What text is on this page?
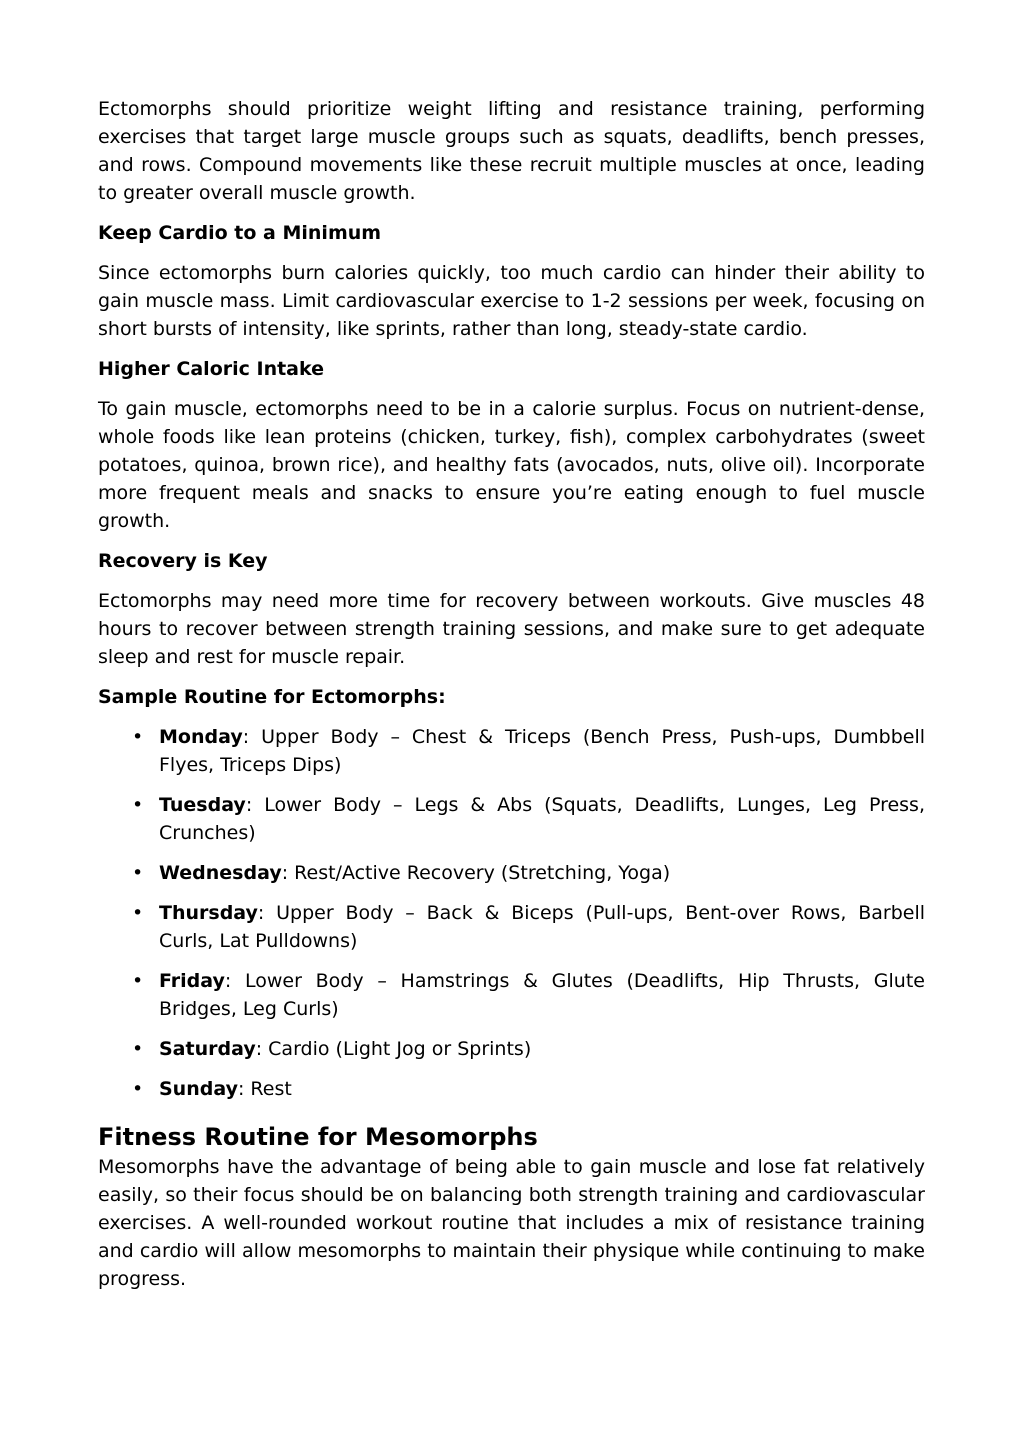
Ectomorphs should prioritize weight lifting and resistance training, performing exercises that target large muscle groups such as squats, deadlifts, bench presses, and rows. Compound movements like these recruit multiple muscles at once, leading to greater overall muscle growth.

Keep Cardio to a Minimum

Since ectomorphs burn calories quickly, too much cardio can hinder their ability to gain muscle mass. Limit cardiovascular exercise to 1-2 sessions per week, focusing on short bursts of intensity, like sprints, rather than long, steady-state cardio.

Higher Caloric Intake

To gain muscle, ectomorphs need to be in a calorie surplus. Focus on nutrient-dense, whole foods like lean proteins (chicken, turkey, fish), complex carbohydrates (sweet potatoes, quinoa, brown rice), and healthy fats (avocados, nuts, olive oil). Incorporate more frequent meals and snacks to ensure you’re eating enough to fuel muscle growth.

Recovery is Key

Ectomorphs may need more time for recovery between workouts. Give muscles 48 hours to recover between strength training sessions, and make sure to get adequate sleep and rest for muscle repair.

Sample Routine for Ectomorphs:
• Monday: Upper Body – Chest & Triceps (Bench Press, Push-ups, Dumbbell Flyes, Triceps Dips)
• Tuesday: Lower Body – Legs & Abs (Squats, Deadlifts, Lunges, Leg Press, Crunches)
• Wednesday: Rest/Active Recovery (Stretching, Yoga)
• Thursday: Upper Body – Back & Biceps (Pull-ups, Bent-over Rows, Barbell Curls, Lat Pulldowns)
• Friday: Lower Body – Hamstrings & Glutes (Deadlifts, Hip Thrusts, Glute Bridges, Leg Curls)
• Saturday: Cardio (Light Jog or Sprints)
• Sunday: Rest
Fitness Routine for Mesomorphs

Mesomorphs have the advantage of being able to gain muscle and lose fat relatively easily, so their focus should be on balancing both strength training and cardiovascular exercises. A well-rounded workout routine that includes a mix of resistance training and cardio will allow mesomorphs to maintain their physique while continuing to make progress.
